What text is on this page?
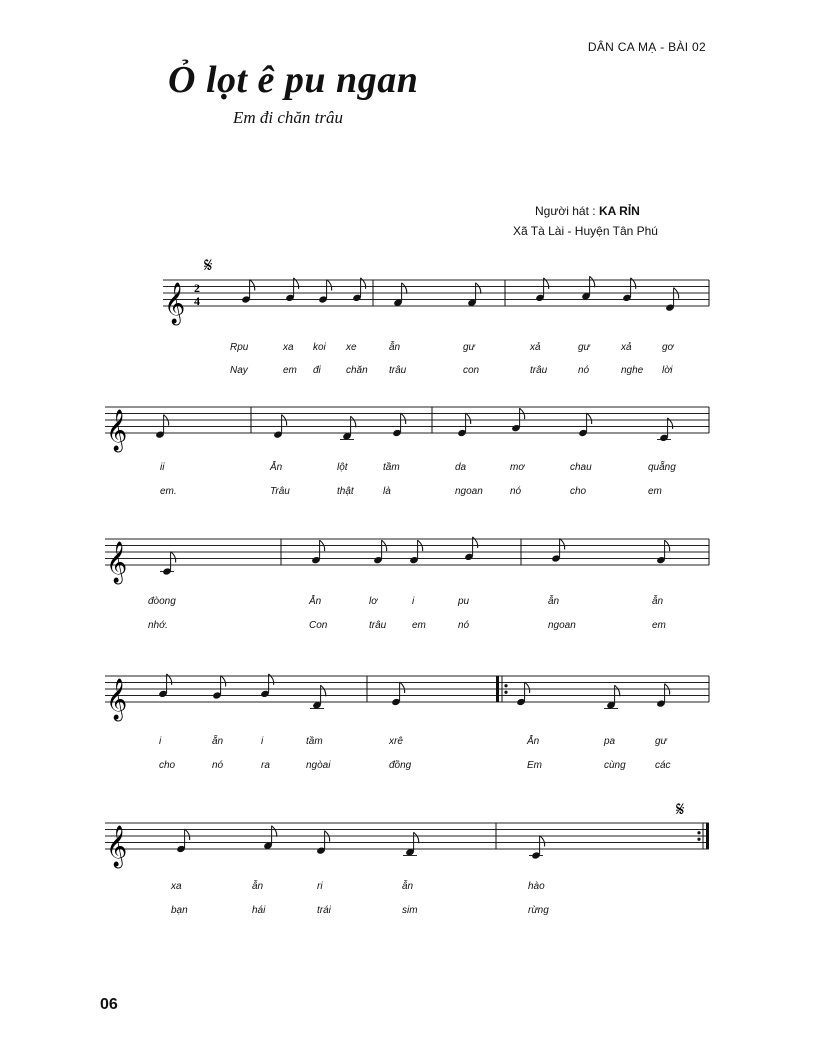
DÂN CA MẠ - BÀI 02
Ỏ lọt ê pu ngan
Em đi chăn trâu
Người hát : KA RỈN
Xã Tà Lài - Huyện Tân Phú
𝄞 2
4
𝄞
𝄞
𝄞
𝄞
𝄋
𝄋
Rpu	xa koi xe	ẫn	gư	xả	gư	xả	gơ
Nay	em đi	chăn trâu	con	trâu	nó	nghe lời
ii	Ẫn	lột	tầm	da	mơ	chau	quẵng
em.	Trâu	thật	là	ngoan	nó	cho	em
đòong	Ẫn	lơ	i	pu	ẫn	ẫn
nhớ.	Con	trâu	em	nó	ngoan	em
i	ẵn	i	tầm	xrê	Ẫn	pa	gư
cho	nó	ra	ngòai	đồng	Em	cùng	các
xa	ẫn	ri	ẫn	hào
bạn	hái	trái	sim	rừng
06
